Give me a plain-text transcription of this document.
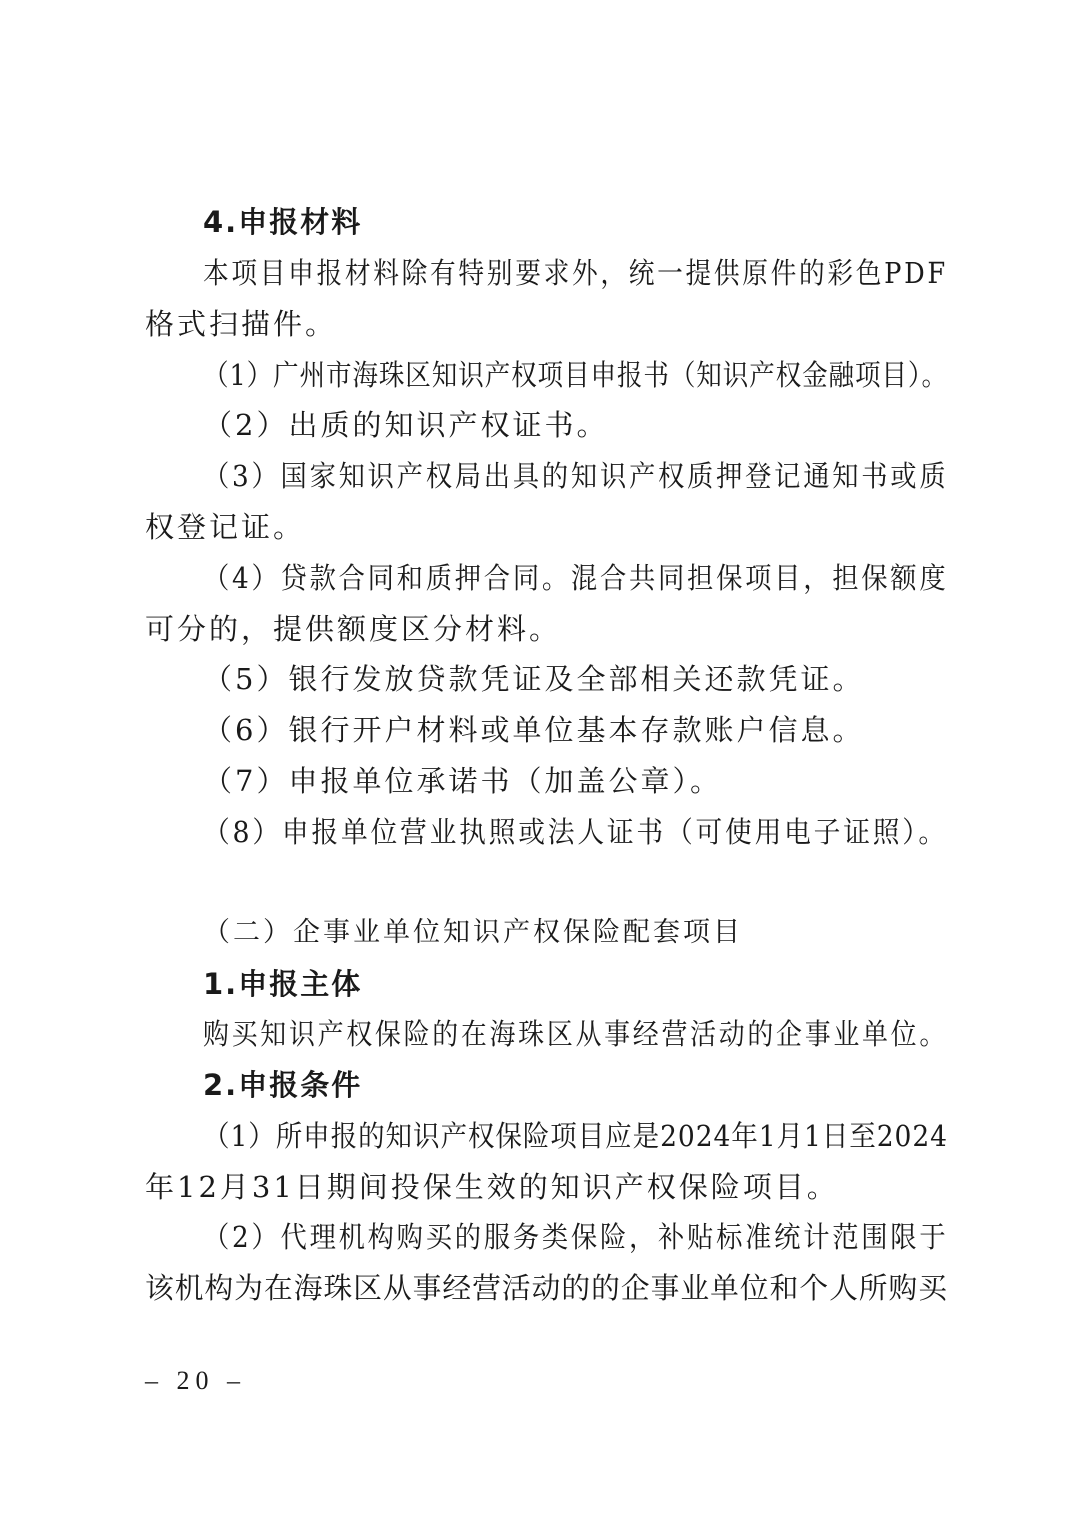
4.申报材料
本项目申报材料除有特别要求外，统一提供原件的彩色PDF
格式扫描件。
（1）广州市海珠区知识产权项目申报书（知识产权金融项目）。
（2）出质的知识产权证书。
（3）国家知识产权局出具的知识产权质押登记通知书或质
权登记证。
（4）贷款合同和质押合同。混合共同担保项目，担保额度
可分的，提供额度区分材料。
（5）银行发放贷款凭证及全部相关还款凭证。
（6）银行开户材料或单位基本存款账户信息。
（7）申报单位承诺书（加盖公章）。
（8）申报单位营业执照或法人证书（可使用电子证照）。
（二）企事业单位知识产权保险配套项目
1.申报主体
购买知识产权保险的在海珠区从事经营活动的企事业单位。
2.申报条件
（1）所申报的知识产权保险项目应是2024年1月1日至2024
年12月31日期间投保生效的知识产权保险项目。
（2）代理机构购买的服务类保险，补贴标准统计范围限于
该机构为在海珠区从事经营活动的的企事业单位和个人所购买
– 20 –
